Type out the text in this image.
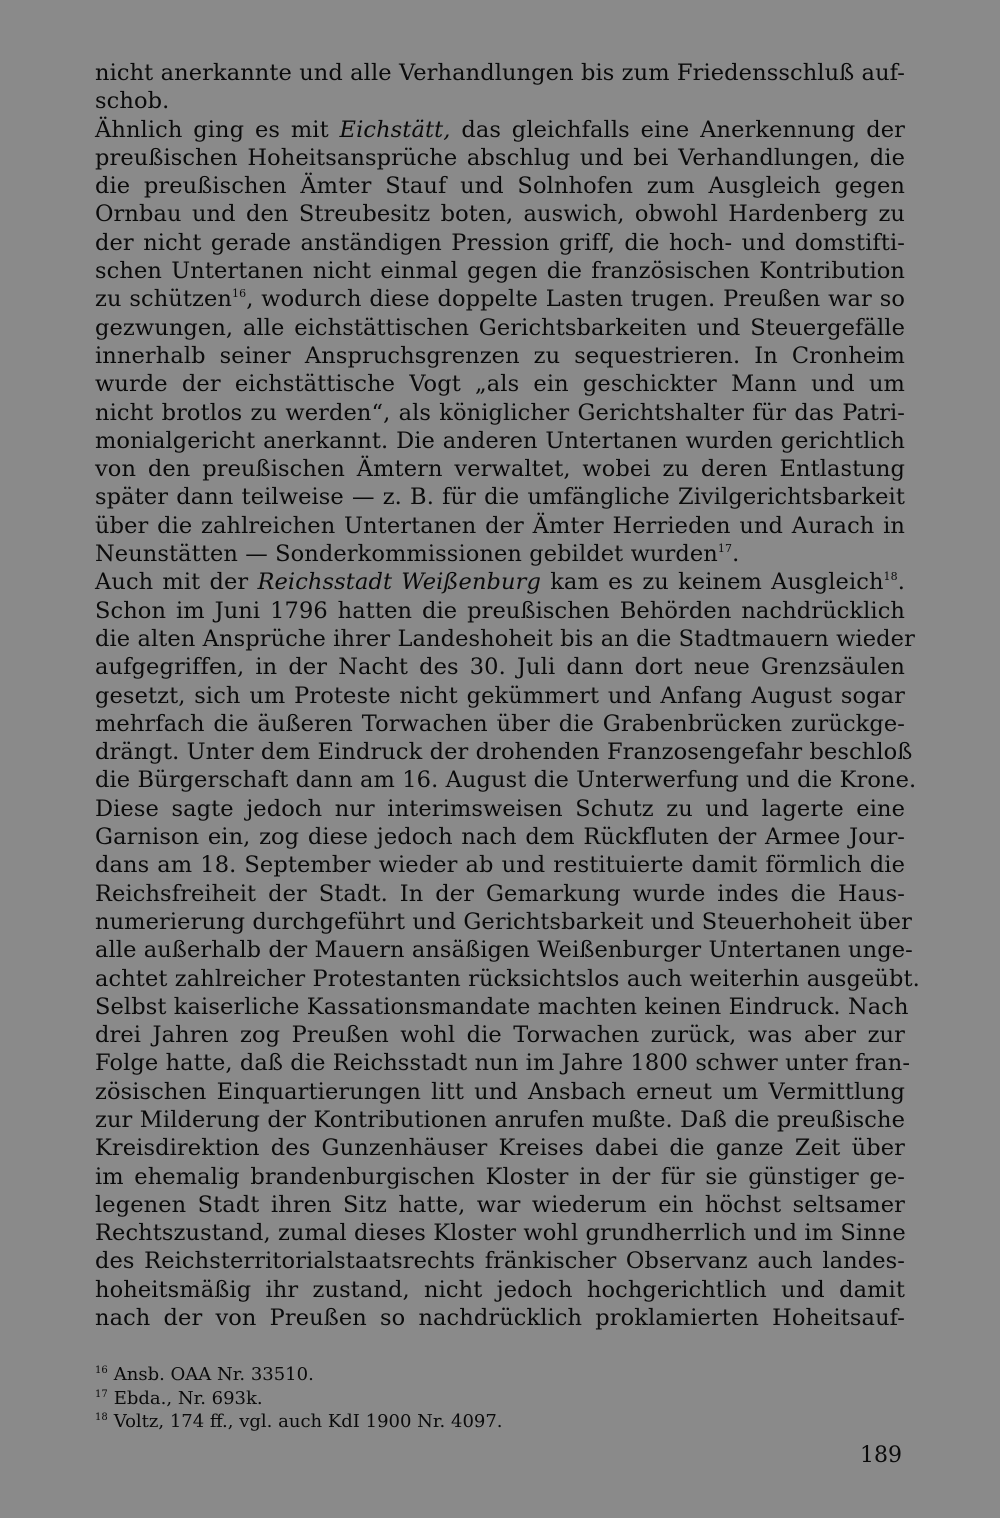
nicht anerkannte und alle Verhandlungen bis zum Friedensschluß auf-
schob.
Ähnlich ging es mit Eichstätt, das gleichfalls eine Anerkennung der
preußischen Hoheitsansprüche abschlug und bei Verhandlungen, die
die preußischen Ämter Stauf und Solnhofen zum Ausgleich gegen
Ornbau und den Streubesitz boten, auswich, obwohl Hardenberg zu
der nicht gerade anständigen Pression griff, die hoch- und domstifti-
schen Untertanen nicht einmal gegen die französischen Kontribution
zu schützen$^{16}$, wodurch diese doppelte Lasten trugen. Preußen war so
gezwungen, alle eichstättischen Gerichtsbarkeiten und Steuergefälle
innerhalb seiner Anspruchsgrenzen zu sequestrieren. In Cronheim
wurde der eichstättische Vogt „als ein geschickter Mann und um
nicht brotlos zu werden“, als königlicher Gerichtshalter für das Patri-
monialgericht anerkannt. Die anderen Untertanen wurden gerichtlich
von den preußischen Ämtern verwaltet, wobei zu deren Entlastung
später dann teilweise — z. B. für die umfängliche Zivilgerichtsbarkeit
über die zahlreichen Untertanen der Ämter Herrieden und Aurach in
Neunstätten — Sonderkommissionen gebildet wurden$^{17}$.
Auch mit der Reichsstadt Weißenburg kam es zu keinem Ausgleich$^{18}$.
Schon im Juni 1796 hatten die preußischen Behörden nachdrücklich
die alten Ansprüche ihrer Landeshoheit bis an die Stadtmauern wieder
aufgegriffen, in der Nacht des 30. Juli dann dort neue Grenzsäulen
gesetzt, sich um Proteste nicht gekümmert und Anfang August sogar
mehrfach die äußeren Torwachen über die Grabenbrücken zurückge-
drängt. Unter dem Eindruck der drohenden Franzosengefahr beschloß
die Bürgerschaft dann am 16. August die Unterwerfung und die Krone.
Diese sagte jedoch nur interimsweisen Schutz zu und lagerte eine
Garnison ein, zog diese jedoch nach dem Rückfluten der Armee Jour-
dans am 18. September wieder ab und restituierte damit förmlich die
Reichsfreiheit der Stadt. In der Gemarkung wurde indes die Haus-
numerierung durchgeführt und Gerichtsbarkeit und Steuerhoheit über
alle außerhalb der Mauern ansäßigen Weißenburger Untertanen unge-
achtet zahlreicher Protestanten rücksichtslos auch weiterhin ausgeübt.
Selbst kaiserliche Kassationsmandate machten keinen Eindruck. Nach
drei Jahren zog Preußen wohl die Torwachen zurück, was aber zur
Folge hatte, daß die Reichsstadt nun im Jahre 1800 schwer unter fran-
zösischen Einquartierungen litt und Ansbach erneut um Vermittlung
zur Milderung der Kontributionen anrufen mußte. Daß die preußische
Kreisdirektion des Gunzenhäuser Kreises dabei die ganze Zeit über
im ehemalig brandenburgischen Kloster in der für sie günstiger ge-
legenen Stadt ihren Sitz hatte, war wiederum ein höchst seltsamer
Rechtszustand, zumal dieses Kloster wohl grundherrlich und im Sinne
des Reichsterritorialstaatsrechts fränkischer Observanz auch landes-
hoheitsmäßig ihr zustand, nicht jedoch hochgerichtlich und damit
nach der von Preußen so nachdrücklich proklamierten Hoheitsauf-
$^{16}$ Ansb. OAA Nr. 33510.
$^{17}$ Ebda., Nr. 693k.
$^{18}$ Voltz, 174 ff., vgl. auch KdI 1900 Nr. 4097.
189
